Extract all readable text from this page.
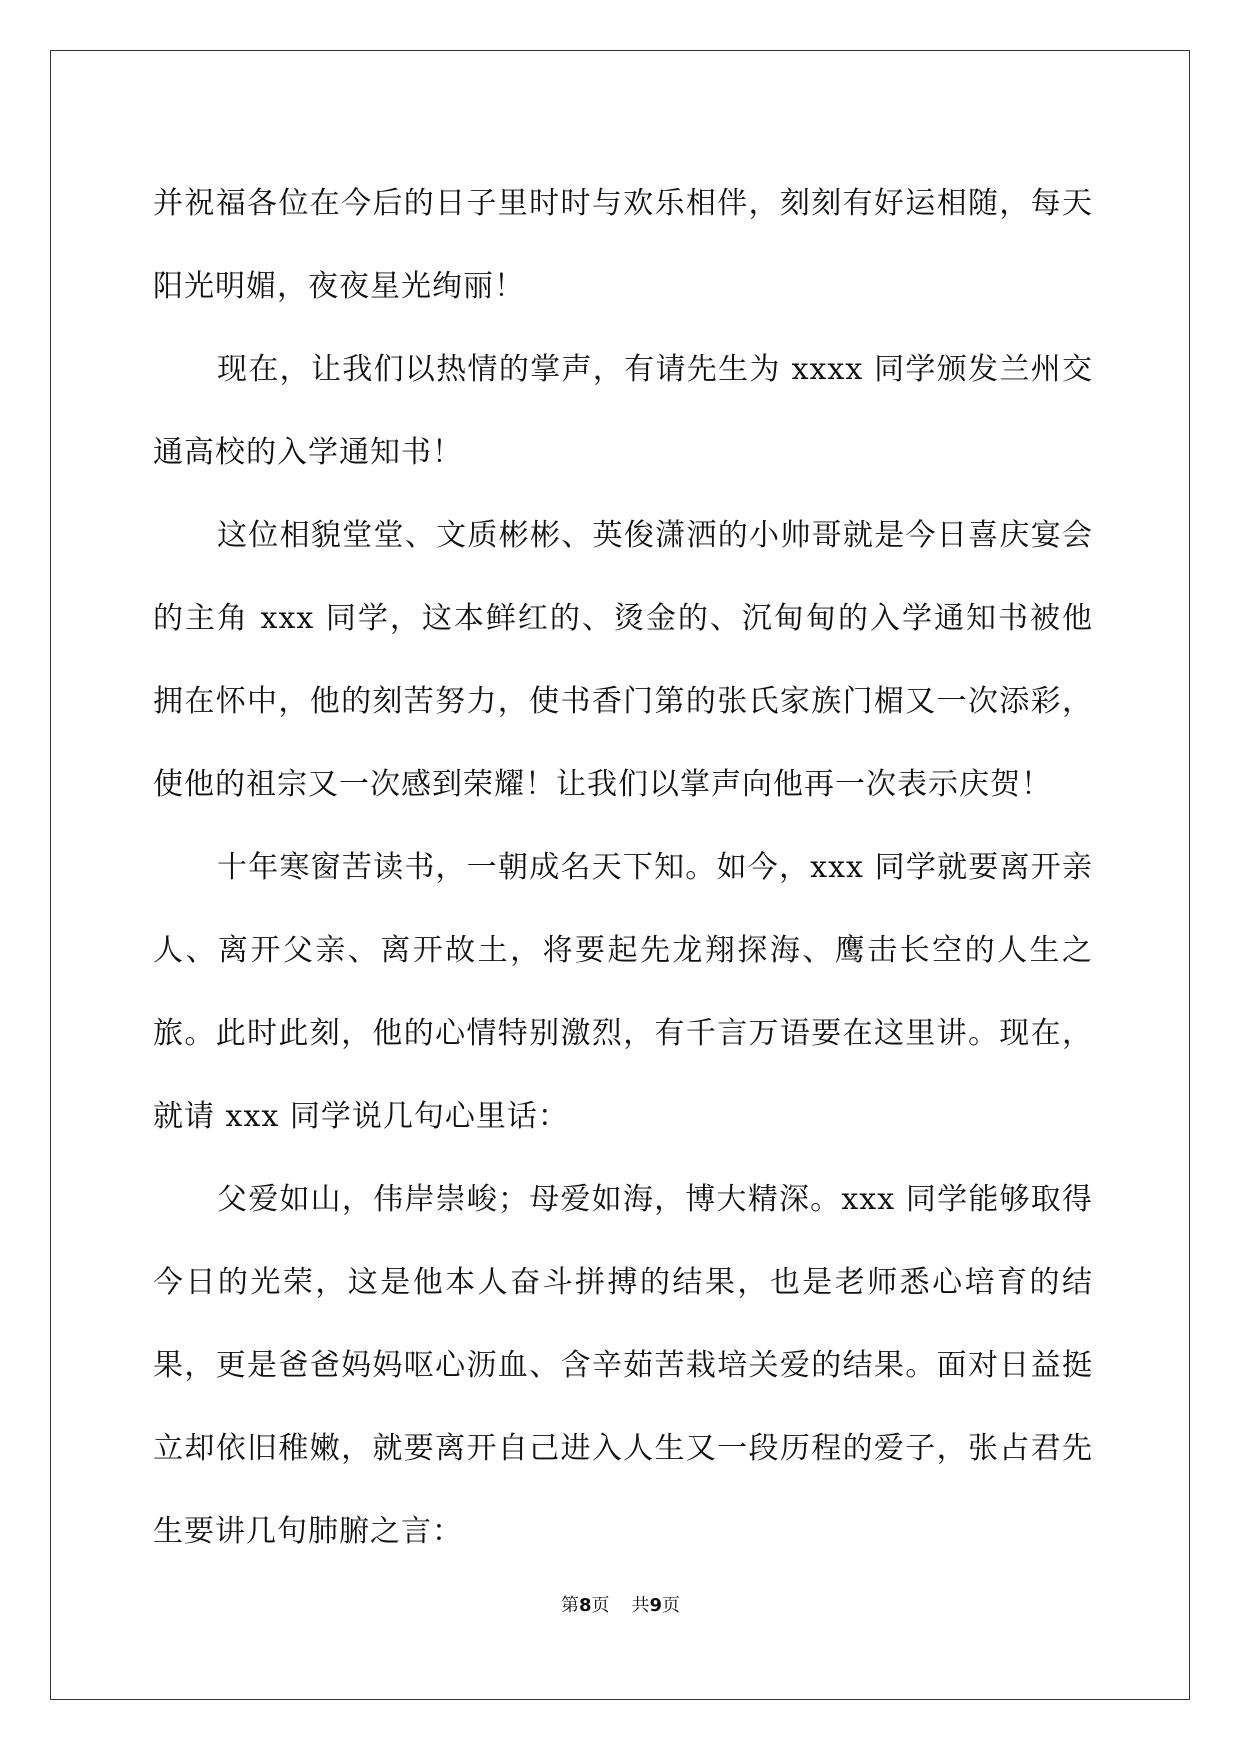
并祝福各位在今后的日子里时时与欢乐相伴，刻刻有好运相随，每天阳光明媚，夜夜星光绚丽！

现在，让我们以热情的掌声，有请先生为 xxxx 同学颁发兰州交通高校的入学通知书！

这位相貌堂堂、文质彬彬、英俊潇洒的小帅哥就是今日喜庆宴会的主角 xxx 同学，这本鲜红的、烫金的、沉甸甸的入学通知书被他拥在怀中，他的刻苦努力，使书香门第的张氏家族门楣又一次添彩，使他的祖宗又一次感到荣耀！让我们以掌声向他再一次表示庆贺！

十年寒窗苦读书，一朝成名天下知。如今，xxx 同学就要离开亲人、离开父亲、离开故土，将要起先龙翔探海、鹰击长空的人生之旅。此时此刻，他的心情特别激烈，有千言万语要在这里讲。现在，就请 xxx 同学说几句心里话：

父爱如山，伟岸崇峻；母爱如海，博大精深。xxx 同学能够取得今日的光荣，这是他本人奋斗拼搏的结果，也是老师悉心培育的结果，更是爸爸妈妈呕心沥血、含辛茹苦栽培关爱的结果。面对日益挺立却依旧稚嫩，就要离开自己进入人生又一段历程的爱子，张占君先生要讲几句肺腑之言：

第8页 共9页
